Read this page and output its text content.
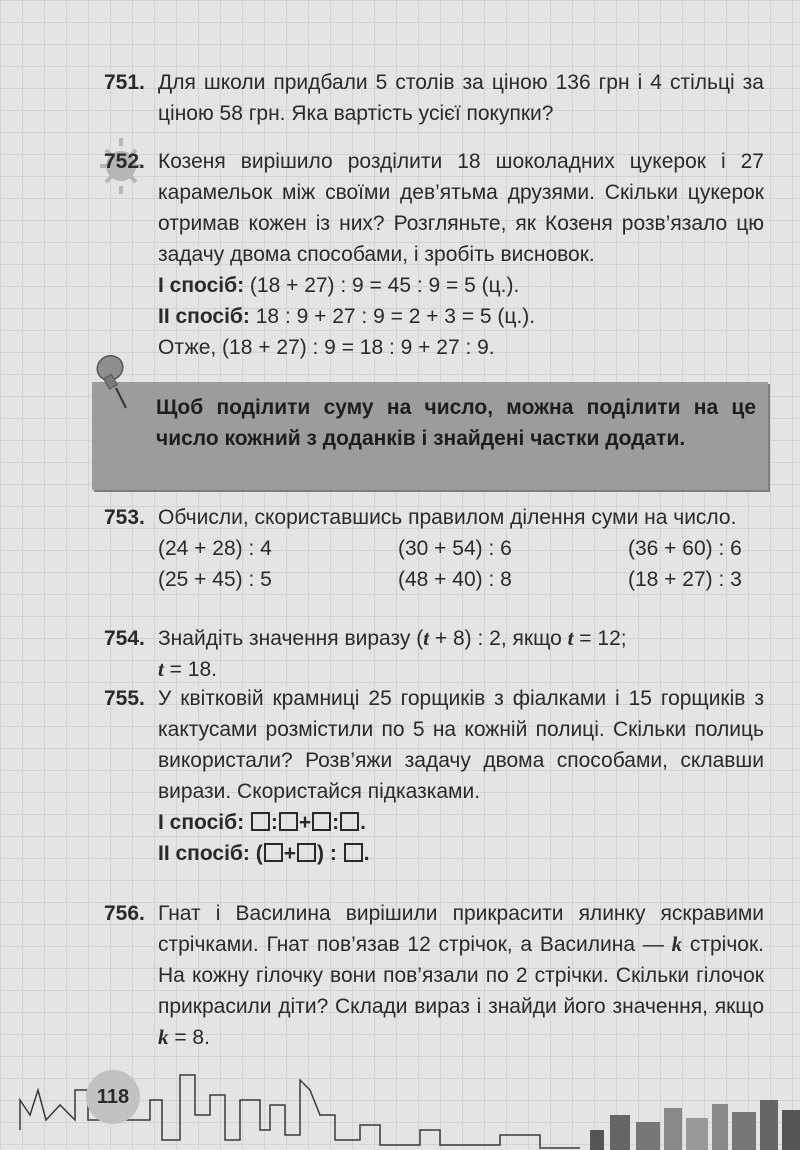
751. Для школи придбали 5 столів за ціною 136 грн і 4 стільці за ціною 58 грн. Яка вартість усієї покупки?
752. Козеня вирішило розділити 18 шоколадних цукерок і 27 карамельок між своїми дев’ятьма друзями. Скільки цукерок отримав кожен із них? Розгляньте, як Козеня розв’язало цю задачу двома способами, і зробіть висновок.
І спосіб: (18 + 27) : 9 = 45 : 9 = 5 (ц.).
ІІ спосіб: 18 : 9 + 27 : 9 = 2 + 3 = 5 (ц.).
Отже, (18 + 27) : 9 = 18 : 9 + 27 : 9.
Щоб поділити суму на число, можна поділити на це число кожний з доданків і знайдені частки додати.
753. Обчисли, скориставшись правилом ділення суми на число.
(24 + 28) : 4	(30 + 54) : 6	(36 + 60) : 6
(25 + 45) : 5	(48 + 40) : 8	(18 + 27) : 3
754. Знайдіть значення виразу (t + 8) : 2, якщо t = 12;
t = 18.
755. У квітковій крамниці 25 горщиків з фіалками і 15 горщиків з кактусами розмістили по 5 на кожній полиці. Скільки полиць використали? Розв’яжи задачу двома способами, склавши вирази. Скористайся підказками.
І спосіб: : + : .
ІІ спосіб: ( + ) : .
756. Гнат і Василина вирішили прикрасити ялинку яскравими стрічками. Гнат пов’язав 12 стрічок, а Василина — k стрічок. На кожну гілочку вони пов’язали по 2 стрічки. Скільки гілочок прикрасили діти? Склади вираз і знайди його значення, якщо k = 8.
118
